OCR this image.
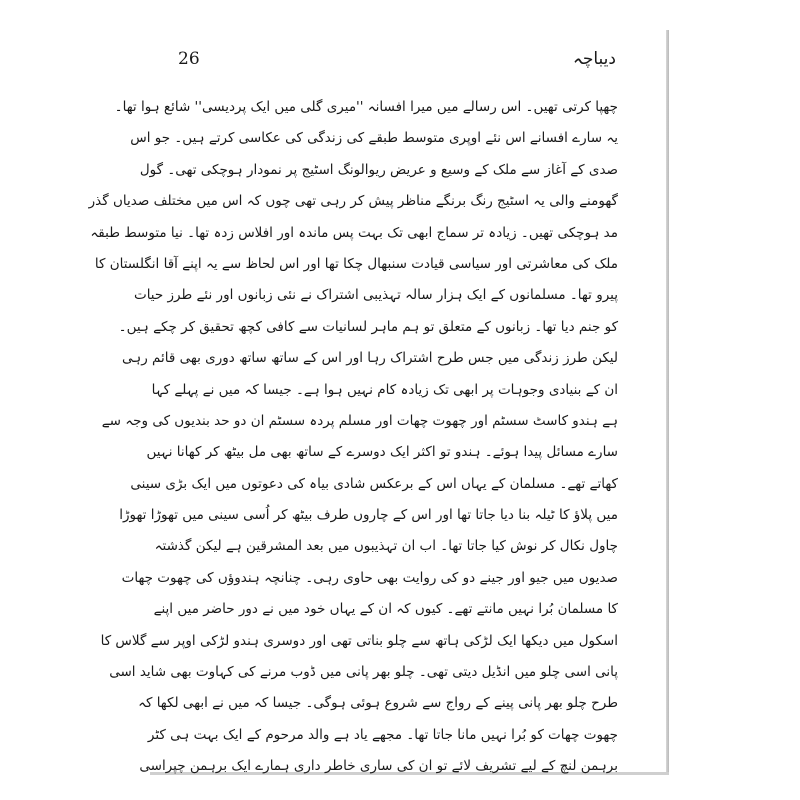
26	دیباچہ
چھپا کرتی تھیں۔ اس رسالے میں میرا افسانہ ''میری گلی میں ایک پردیسی'' شائع ہوا تھا۔
یہ سارے افسانے اس نئے اوپری متوسط طبقے کی زندگی کی عکاسی کرتے ہیں۔ جو اس
صدی کے آغاز سے ملک کے وسیع و عریض ریوالونگ اسٹیج پر نمودار ہوچکی تھی۔ گول
گھومنے والی یہ اسٹیج رنگ برنگے مناظر پیش کر رہی تھی چوں کہ اس میں مختلف صدیاں گذر
مد ہوچکی تھیں۔ زیادہ تر سماج ابھی تک بہت پس ماندہ اور افلاس زدہ تھا۔ نیا متوسط طبقہ
ملک کی معاشرتی اور سیاسی قیادت سنبھال چکا تھا اور اس لحاظ سے یہ اپنے آقا انگلستان کا
پیرو تھا۔ مسلمانوں کے ایک ہزار سالہ تہذیبی اشتراک نے نئی زبانوں اور نئے طرز حیات
کو جنم دیا تھا۔ زبانوں کے متعلق تو ہم ماہر لسانیات سے کافی کچھ تحقیق کر چکے ہیں۔
لیکن طرز زندگی میں جس طرح اشتراک رہا اور اس کے ساتھ ساتھ دوری بھی قائم رہی
ان کے بنیادی وجوہات پر ابھی تک زیادہ کام نہیں ہوا ہے۔ جیسا کہ میں نے پہلے کہا
ہے ہندو کاسٹ سسٹم اور چھوت چھات اور مسلم پردہ سسٹم ان دو حد بندیوں کی وجہ سے
سارے مسائل پیدا ہوئے۔ ہندو تو اکثر ایک دوسرے کے ساتھ بھی مل بیٹھ کر کھانا نہیں
کھاتے تھے۔ مسلمان کے یہاں اس کے برعکس شادی بیاہ کی دعوتوں میں ایک بڑی سینی
میں پلاؤ کا ٹیلہ بنا دیا جاتا تھا اور اس کے چاروں طرف بیٹھ کر اُسی سینی میں تھوڑا تھوڑا
چاول نکال کر نوش کیا جاتا تھا۔ اب ان تہذیبوں میں بعد المشرقین ہے لیکن گذشتہ
صدیوں میں جیو اور جینے دو کی روایت بھی حاوی رہی۔ چنانچہ ہندوؤں کی چھوت چھات
کا مسلمان بُرا نہیں مانتے تھے۔ کیوں کہ ان کے یہاں خود میں نے دور حاضر میں اپنے
اسکول میں دیکھا ایک لڑکی ہاتھ سے چلو بناتی تھی اور دوسری ہندو لڑکی اوپر سے گلاس کا
پانی اسی چلو میں انڈیل دیتی تھی۔ چلو بھر پانی میں ڈوب مرنے کی کہاوت بھی شاید اسی
طرح چلو بھر پانی پینے کے رواج سے شروع ہوئی ہوگی۔ جیسا کہ میں نے ابھی لکھا کہ
چھوت چھات کو بُرا نہیں مانا جاتا تھا۔ مجھے یاد ہے والد مرحوم کے ایک بہت ہی کٹر
برہمن لنچ کے لیے تشریف لائے تو ان کی ساری خاطر داری ہمارے ایک برہمن چپراسی
